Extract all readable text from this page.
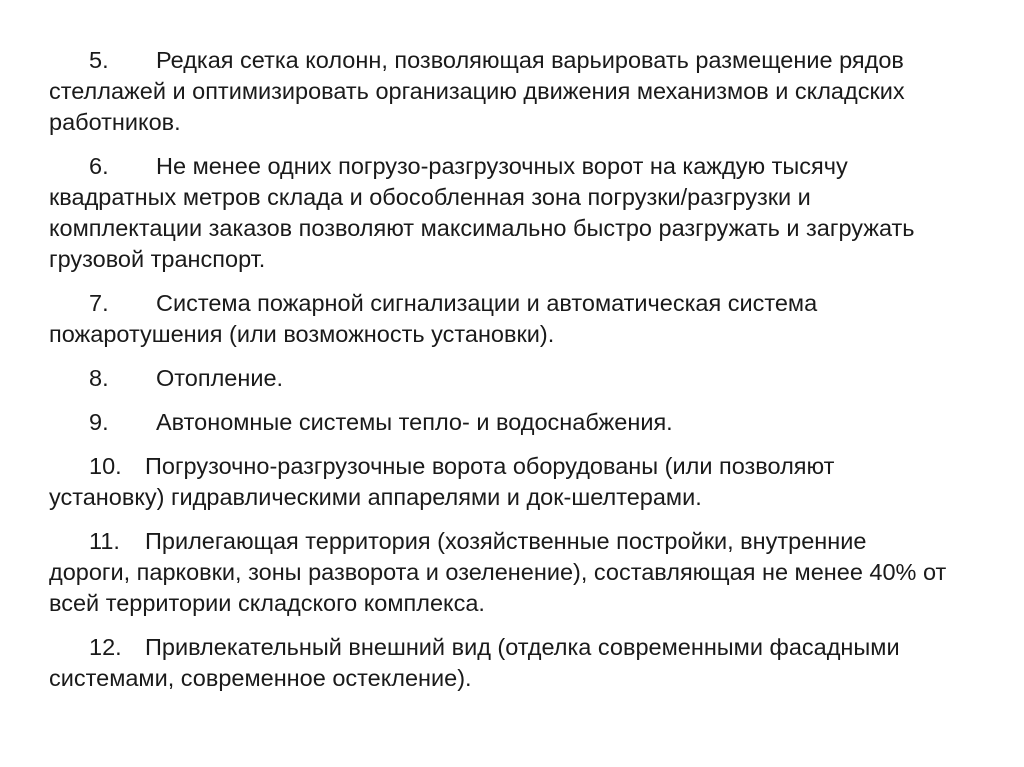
5. Редкая сетка колонн, позволяющая варьировать размещение рядов стеллажей и оптимизировать организацию движения механизмов и складских работников.
6. Не менее одних погрузо-разгрузочных ворот на каждую тысячу квадратных метров склада и обособленная зона погрузки/разгрузки и комплектации заказов позволяют максимально быстро разгружать и загружать грузовой транспорт.
7. Система пожарной сигнализации и автоматическая система пожаротушения (или возможность установки).
8. Отопление.
9. Автономные системы тепло- и водоснабжения.
10. Погрузочно-разгрузочные ворота оборудованы (или позволяют установку) гидравлическими аппарелями и док-шелтерами.
11. Прилегающая территория (хозяйственные постройки, внутренние дороги, парковки, зоны разворота и озеленение), составляющая не менее 40% от всей территории складского комплекса.
12. Привлекательный внешний вид (отделка современными фасадными системами, современное остекление).
